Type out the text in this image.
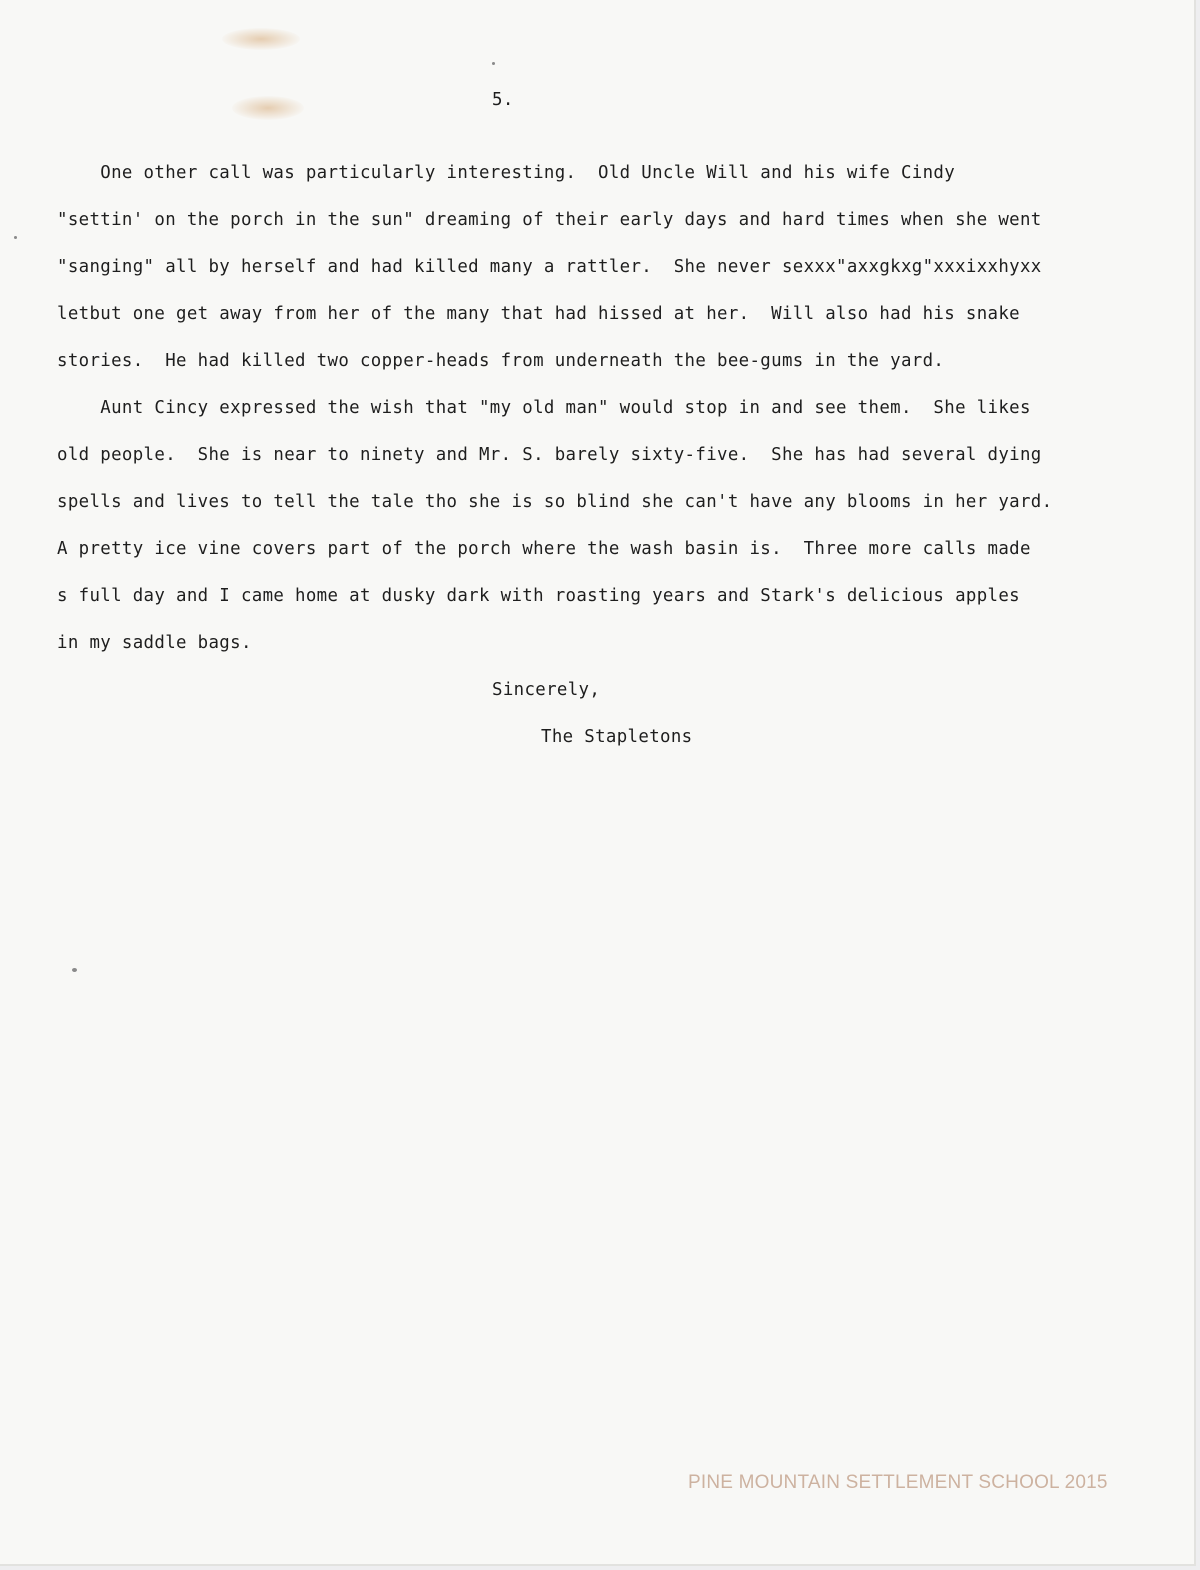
5.
One other call was particularly interesting.  Old Uncle Will and his wife Cindy
"settin' on the porch in the sun" dreaming of their early days and hard times when she went
"sanging" all by herself and had killed many a rattler.  She never sexxx"axxgkxg"xxxixxhyxx
letbut one get away from her of the many that had hissed at her.  Will also had his snake
stories.  He had killed two copper-heads from underneath the bee-gums in the yard.
Aunt Cincy expressed the wish that "my old man" would stop in and see them.  She likes
old people.  She is near to ninety and Mr. S. barely sixty-five.  She has had several dying
spells and lives to tell the tale tho she is so blind she can't have any blooms in her yard.
A pretty ice vine covers part of the porch where the wash basin is.  Three more calls made
s full day and I came home at dusky dark with roasting years and Stark's delicious apples
in my saddle bags.
Sincerely,
The Stapletons
PINE MOUNTAIN SETTLEMENT SCHOOL 2015
